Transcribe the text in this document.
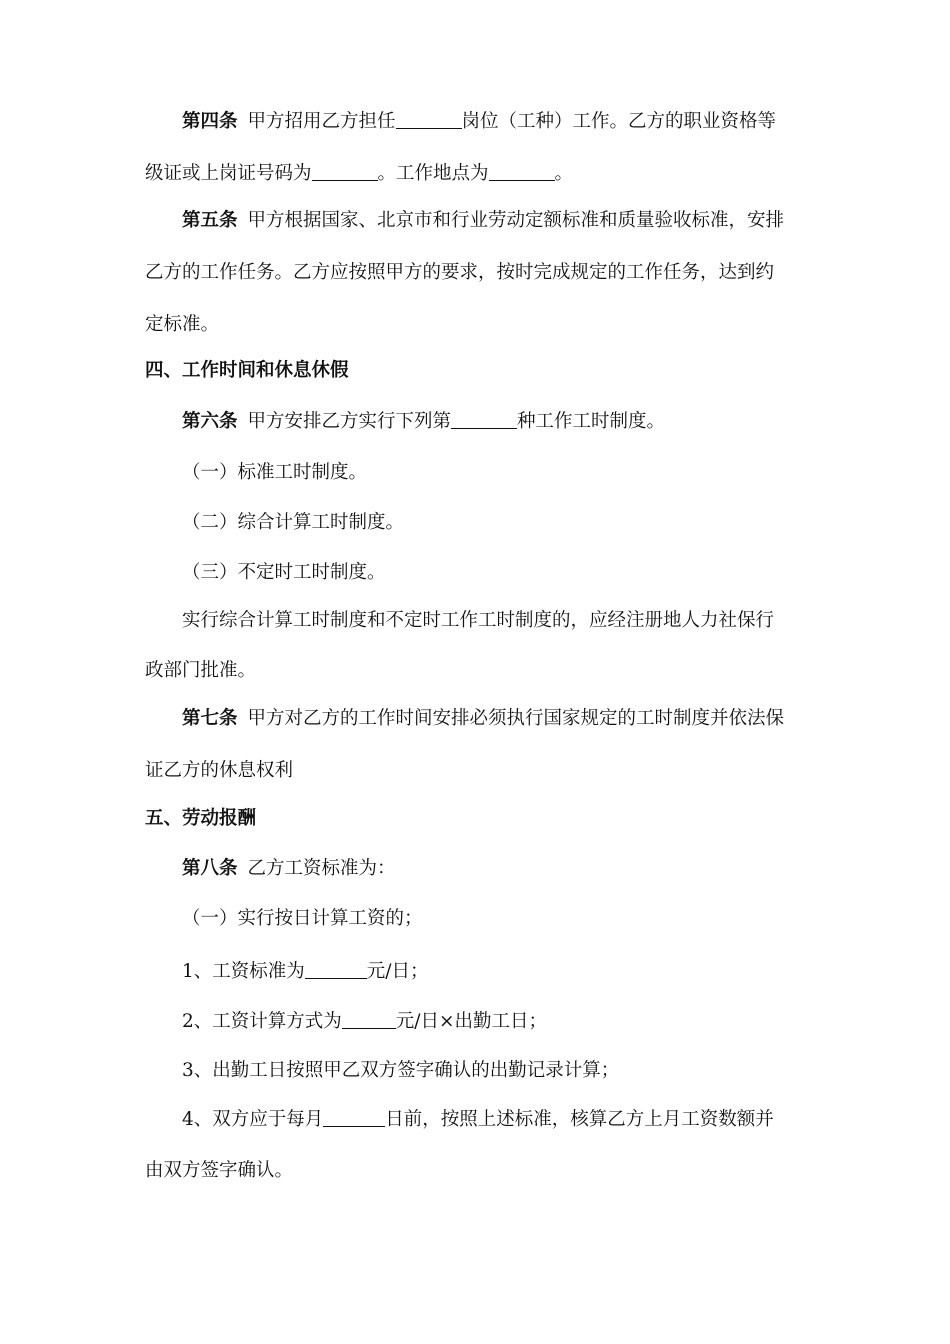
第四条 甲方招用乙方担任	岗位（工种）工作。乙方的职业资格等
级证或上岗证号码为	。工作地点为	。
第五条 甲方根据国家、北京市和行业劳动定额标准和质量验收标准，安排
乙方的工作任务。乙方应按照甲方的要求，按时完成规定的工作任务，达到约
定标准。
四、工作时间和休息休假
第六条 甲方安排乙方实行下列第	种工作工时制度。
（一）标准工时制度。
（二）综合计算工时制度。
（三）不定时工时制度。
实行综合计算工时制度和不定时工作工时制度的，应经注册地人力社保行
政部门批准。
第七条 甲方对乙方的工作时间安排必须执行国家规定的工时制度并依法保
证乙方的休息权利
五、劳动报酬
第八条 乙方工资标准为：
（一）实行按日计算工资的；
1、工资标准为	元/日；
2、工资计算方式为	元/日×出勤工日；
3、出勤工日按照甲乙双方签字确认的出勤记录计算；
4、双方应于每月	日前，按照上述标准，核算乙方上月工资数额并
由双方签字确认。
